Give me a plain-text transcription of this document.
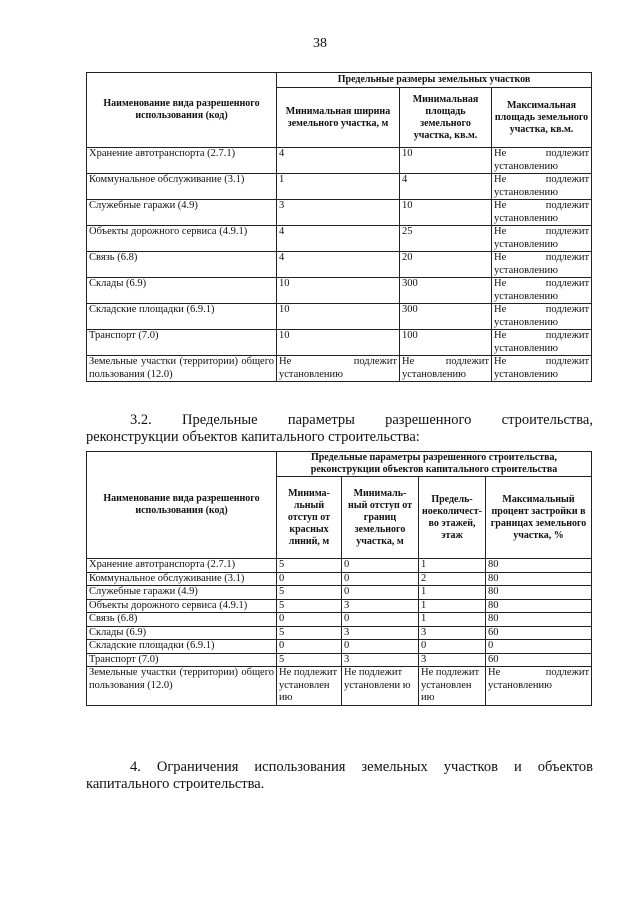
38
Наименование вида разрешенного использования (код)	Предельные размеры земельных участков		
	Минимальная ширина земельного участка, м	Минимальная площадь земельного участка, кв.м.	Максимальная площадь земельного участка, кв.м.
Хранение автотранспорта (2.7.1)	4	10	Не подлежит установлению
Коммунальное обслуживание (3.1)	1	4	Не подлежит установлению
Служебные гаражи (4.9)	3	10	Не подлежит установлению
Объекты дорожного сервиса (4.9.1)	4	25	Не подлежит установлению
Связь (6.8)	4	20	Не подлежит установлению
Склады (6.9)	10	300	Не подлежит установлению
Складские площадки (6.9.1)	10	300	Не подлежит установлению
Транспорт (7.0)	10	100	Не подлежит установлению
Земельные участки (территории) общего пользования (12.0)	Не подлежит установлению	Не подлежит установлению	Не подлежит установлению
3.2. Предельные параметры разрешенного строительства,
реконструкции объектов капитального строительства:
Наименование вида разрешенного использования (код)	Предельные параметры разрешенного строительства, реконструкции объектов капитального строительства			
	Минима-льный отступ от красных линий, м	Минималь-ный отступ от границ земельного участка, м	Предель-ноеколичест-во этажей, этаж	Максимальный процент застройки в границах земельного участка, %
Хранение автотранспорта (2.7.1)	5	0	1	80
Коммунальное обслуживание (3.1)	0	0	2	80
Служебные гаражи (4.9)	5	0	1	80
Объекты дорожного сервиса (4.9.1)	5	3	1	80
Связь (6.8)	0	0	1	80
Склады (6.9)	5	3	3	60
Складские площадки (6.9.1)	0	0	0	0
Транспорт (7.0)	5	3	3	60
Земельные участки (территории) общего пользования (12.0)	Не подлежит установлен ию	Не подлежит установлени ю	Не подлежит установлен ию	Не подлежит установлению
4. Ограничения использования земельных участков и объектов
капитального строительства.
